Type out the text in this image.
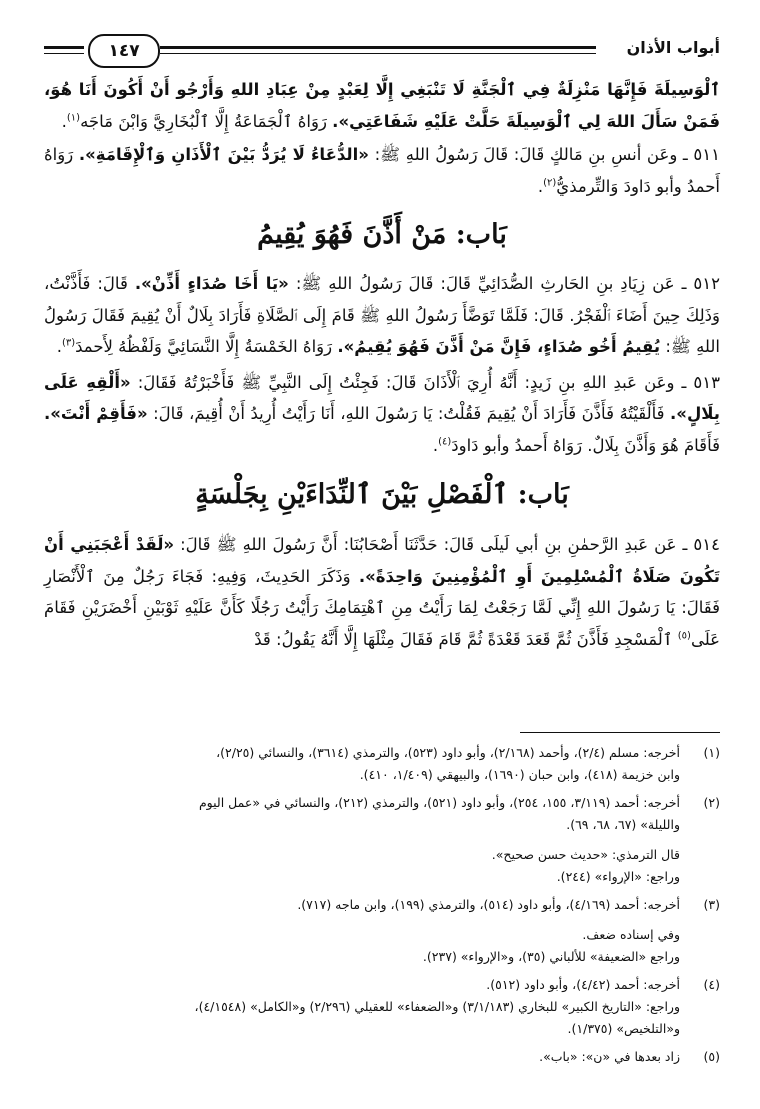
أبواب الأذان
١٤٧

ٱلْوَسِيلَةَ فَإِنَّهَا مَنْزِلَةٌ فِي ٱلْجَنَّةِ لَا تَنْبَغِي إِلَّا لِعَبْدٍ مِنْ عِبَادِ اللهِ وَأَرْجُو أَنْ أَكُونَ أَنَا هُوَ، فَمَنْ سَأَلَ اللهَ لِي ٱلْوَسِيلَةَ حَلَّتْ عَلَيْهِ شَفَاعَتِي». رَوَاهُ ٱلْجَمَاعَةُ إِلَّا ٱلْبُخَارِيَّ وَابْنَ مَاجَه$^{(١)}$.

٥١١ ـ وعَن أنسِ بنِ مَالكٍ قَالَ: قَالَ رَسُولُ اللهِ ﷺ: «الدُّعَاءُ لَا يُرَدُّ بَيْنَ ٱلْأَذَانِ وَٱلْإِقَامَةِ». رَوَاهُ أَحمدُ وأبو دَاودَ وَالتِّرمذيُّ$^{(٢)}$.

بَاب: مَنْ أَذَّنَ فَهُوَ يُقِيمُ

٥١٢ ـ عَن زِيَادِ بنِ الحَارثِ الصُّدَائِيِّ قَالَ: قَالَ رَسُولُ اللهِ ﷺ: «يَا أَخَا صُدَاءٍ أَذِّنْ». قَالَ: فَأَذَّنْتُ، وَذَلِكَ حِينَ أَضَاءَ ٱلْفَجْرُ. قَالَ: فَلَمَّا تَوَضَّأَ رَسُولُ اللهِ ﷺ قَامَ إِلَى ٱلصَّلَاةِ فَأَرَادَ بِلَالٌ أَنْ يُقِيمَ فَقَالَ رَسُولُ اللهِ ﷺ: يُقِيمُ أَخُو صُدَاءٍ، فَإِنَّ مَنْ أَذَّنَ فَهُوَ يُقِيمُ». رَوَاهُ الخَمْسَةُ إِلَّا النَّسَائِيَّ وَلَفْظُهُ لِأَحمدَ$^{(٣)}$.

٥١٣ ـ وعَن عَبدِ اللهِ بنِ زَيدٍ: أَنَّهُ أُرِيَ ٱلْأَذَانَ قَالَ: فَجِئْتُ إِلَى النَّبِيِّ ﷺ فَأَخْبَرْتُهُ فَقَالَ: «أَلْقِهِ عَلَى بِلَالٍ». فَأَلْقَيْتُهُ فَأَذَّنَ فَأَرَادَ أَنْ يُقِيمَ فَقُلْتُ: يَا رَسُولَ اللهِ، أَنَا رَأَيْتُ أُرِيدُ أَنْ أُقِيمَ، قَالَ: «فَأَقِمْ أَنْتَ». فَأَقَامَ هُوَ وَأَذَّنَ بِلَالٌ. رَوَاهُ أَحمدُ وأبو دَاودَ$^{(٤)}$.

بَاب: ٱلْفَصْلِ بَيْنَ ٱلنِّدَاءَيْنِ بِجَلْسَةٍ

٥١٤ ـ عَن عَبدِ الرَّحمٰنِ بنِ أبي لَيلَى قَالَ: حَدَّثَنَا أَصْحَابُنَا: أَنَّ رَسُولَ اللهِ ﷺ قَالَ: «لَقَدْ أَعْجَبَنِي أَنْ تَكُونَ صَلَاةُ ٱلْمُسْلِمِينَ أَوِ ٱلْمُؤْمِنِينَ وَاحِدَةً». وَذَكَرَ الحَدِيثَ، وَفِيهِ: فَجَاءَ رَجُلٌ مِنَ ٱلْأَنْصَارِ فَقَالَ: يَا رَسُولَ اللهِ إِنِّي لَمَّا رَجَعْتُ لِمَا رَأَيْتُ مِنِ ٱهْتِمَامِكَ رَأَيْتُ رَجُلًا كَأَنَّ عَلَيْهِ ثَوْبَيْنِ أَخْضَرَيْنِ فَقَامَ عَلَى$^{(٥)}$ ٱلْمَسْجِدِ فَأَذَّنَ ثُمَّ قَعَدَ قَعْدَةً ثُمَّ قَامَ فَقَالَ مِثْلَهَا إِلَّا أَنَّهُ يَقُولُ: قَدْ

(١)
أخرجه: مسلم (٢/٤)، وأحمد (٢/١٦٨)، وأبو داود (٥٢٣)، والترمذي (٣٦١٤)، والنسائي (٢/٢٥)،
وابن خزيمة (٤١٨)، وابن حبان (١٦٩٠)، والبيهقي (١/٤٠٩، ٤١٠).
(٢)
أخرجه: أحمد (٣/١١٩، ١٥٥، ٢٥٤)، وأبو داود (٥٢١)، والترمذي (٢١٢)، والنسائي في «عمل اليوم
والليلة» (٦٧، ٦٨، ٦٩).
قال الترمذي: «حديث حسن صحيح».
وراجع: «الإرواء» (٢٤٤).
(٣)
أخرجه: أحمد (٤/١٦٩)، وأبو داود (٥١٤)، والترمذي (١٩٩)، وابن ماجه (٧١٧).
وفي إسناده ضعف.
وراجع «الضعيفة» للألباني (٣٥)، و«الإرواء» (٢٣٧).
(٤)
أخرجه: أحمد (٤/٤٢)، وأبو داود (٥١٢).
وراجع: «التاريخ الكبير» للبخاري (٣/١/١٨٣) و«الضعفاء» للعقيلي (٢/٢٩٦) و«الكامل» (٤/١٥٤٨)،
و«التلخيص» (١/٣٧٥).
(٥)
زاد بعدها في «ن»: «باب».
